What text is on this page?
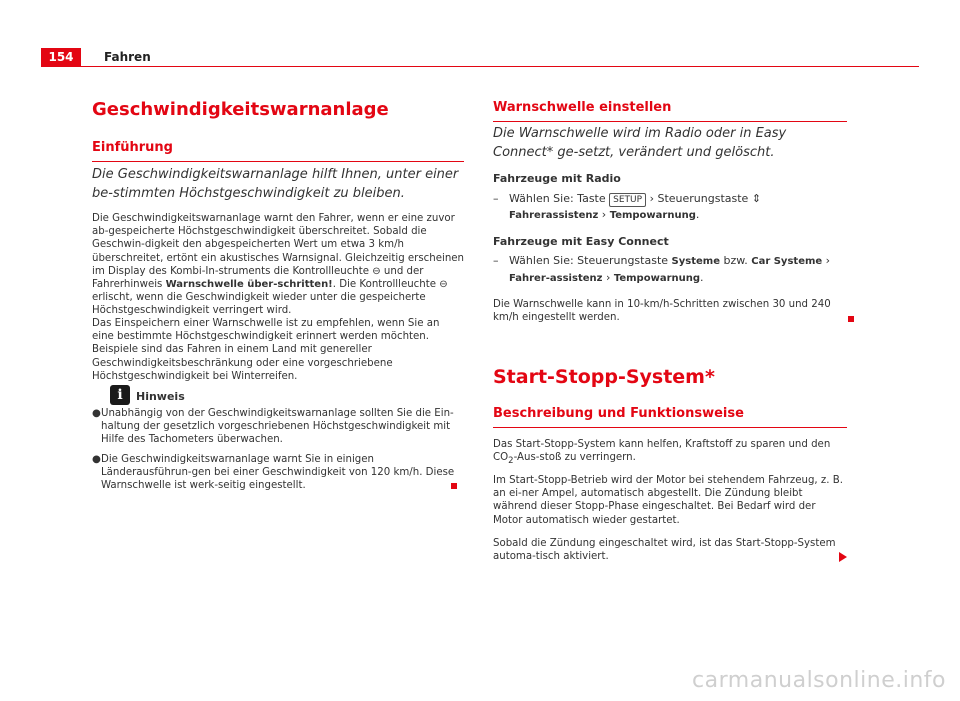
154	Fahren
Geschwindigkeitswarnanlage
Einführung
Die Geschwindigkeitswarnanlage hilft Ihnen, unter einer be-stimmten Höchstgeschwindigkeit zu bleiben.
Die Geschwindigkeitswarnanlage warnt den Fahrer, wenn er eine zuvor ab-gespeicherte Höchstgeschwindigkeit überschreitet. Sobald die Geschwin-digkeit den abgespeicherten Wert um etwa 3 km/h überschreitet, ertönt ein akustisches Warnsignal. Gleichzeitig erscheinen im Display des Kombi-In-struments die Kontrollleuchte ⊖ und der Fahrerhinweis Warnschwelle über-schritten!. Die Kontrollleuchte ⊖ erlischt, wenn die Geschwindigkeit wieder unter die gespeicherte Höchstgeschwindigkeit verringert wird.
Das Einspeichern einer Warnschwelle ist zu empfehlen, wenn Sie an eine bestimmte Höchstgeschwindigkeit erinnert werden möchten. Beispiele sind das Fahren in einem Land mit genereller Geschwindigkeitsbeschränkung oder eine vorgeschriebene Höchstgeschwindigkeit bei Winterreifen.
i	Hinweis
● Unabhängig von der Geschwindigkeitswarnanlage sollten Sie die Ein-haltung der gesetzlich vorgeschriebenen Höchstgeschwindigkeit mit Hilfe des Tachometers überwachen.
● Die Geschwindigkeitswarnanlage warnt Sie in einigen Länderausführun-gen bei einer Geschwindigkeit von 120 km/h. Diese Warnschwelle ist werk-seitig eingestellt.
Warnschwelle einstellen
Die Warnschwelle wird im Radio oder in Easy Connect* ge-setzt, verändert und gelöscht.
Fahrzeuge mit Radio
– Wählen Sie: Taste SETUP › Steuerungstaste ⇕ Fahrerassistenz › Tempowarnung.
Fahrzeuge mit Easy Connect
– Wählen Sie: Steuerungstaste Systeme bzw. Car Systeme › Fahrer-assistenz › Tempowarnung.
Die Warnschwelle kann in 10-km/h-Schritten zwischen 30 und 240 km/h eingestellt werden.
Start-Stopp-System*
Beschreibung und Funktionsweise
Das Start-Stopp-System kann helfen, Kraftstoff zu sparen und den $CO_2-Aus$-stoß zu verringern.
Im Start-Stopp-Betrieb wird der Motor bei stehendem Fahrzeug, z. B. an ei-ner Ampel, automatisch abgestellt. Die Zündung bleibt während dieser Stopp-Phase eingeschaltet. Bei Bedarf wird der Motor automatisch wieder gestartet.
Sobald die Zündung eingeschaltet wird, ist das Start-Stopp-System automa-tisch aktiviert.
carmanualsonline.info
